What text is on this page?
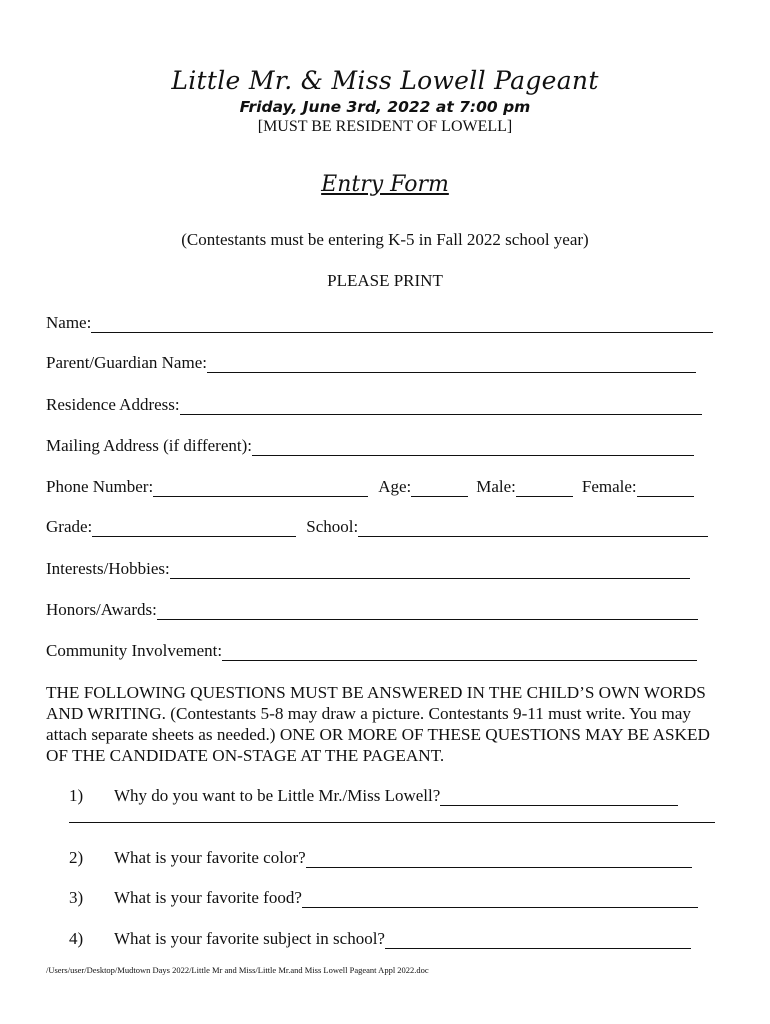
Little Mr. & Miss Lowell Pageant
Friday, June 3rd, 2022 at 7:00 pm
[MUST BE RESIDENT OF LOWELL]
Entry Form
(Contestants must be entering K-5 in Fall 2022 school year)
PLEASE PRINT
Name:
Parent/Guardian Name:
Residence Address:
Mailing Address (if different):
Phone Number:	Age:	Male:	Female:
Grade:	School:
Interests/Hobbies:
Honors/Awards:
Community Involvement:
THE FOLLOWING QUESTIONS MUST BE ANSWERED IN THE CHILD’S OWN WORDS AND WRITING. (Contestants 5-8 may draw a picture. Contestants 9-11 must write. You may attach separate sheets as needed.) ONE OR MORE OF THESE QUESTIONS MAY BE ASKED OF THE CANDIDATE ON-STAGE AT THE PAGEANT.
1)	Why do you want to be Little Mr./Miss Lowell?
2)	What is your favorite color?
3)	What is your favorite food?
4)	What is your favorite subject in school?
/Users/user/Desktop/Mudtown Days 2022/Little Mr and Miss/Little Mr.and Miss Lowell Pageant Appl 2022.doc
